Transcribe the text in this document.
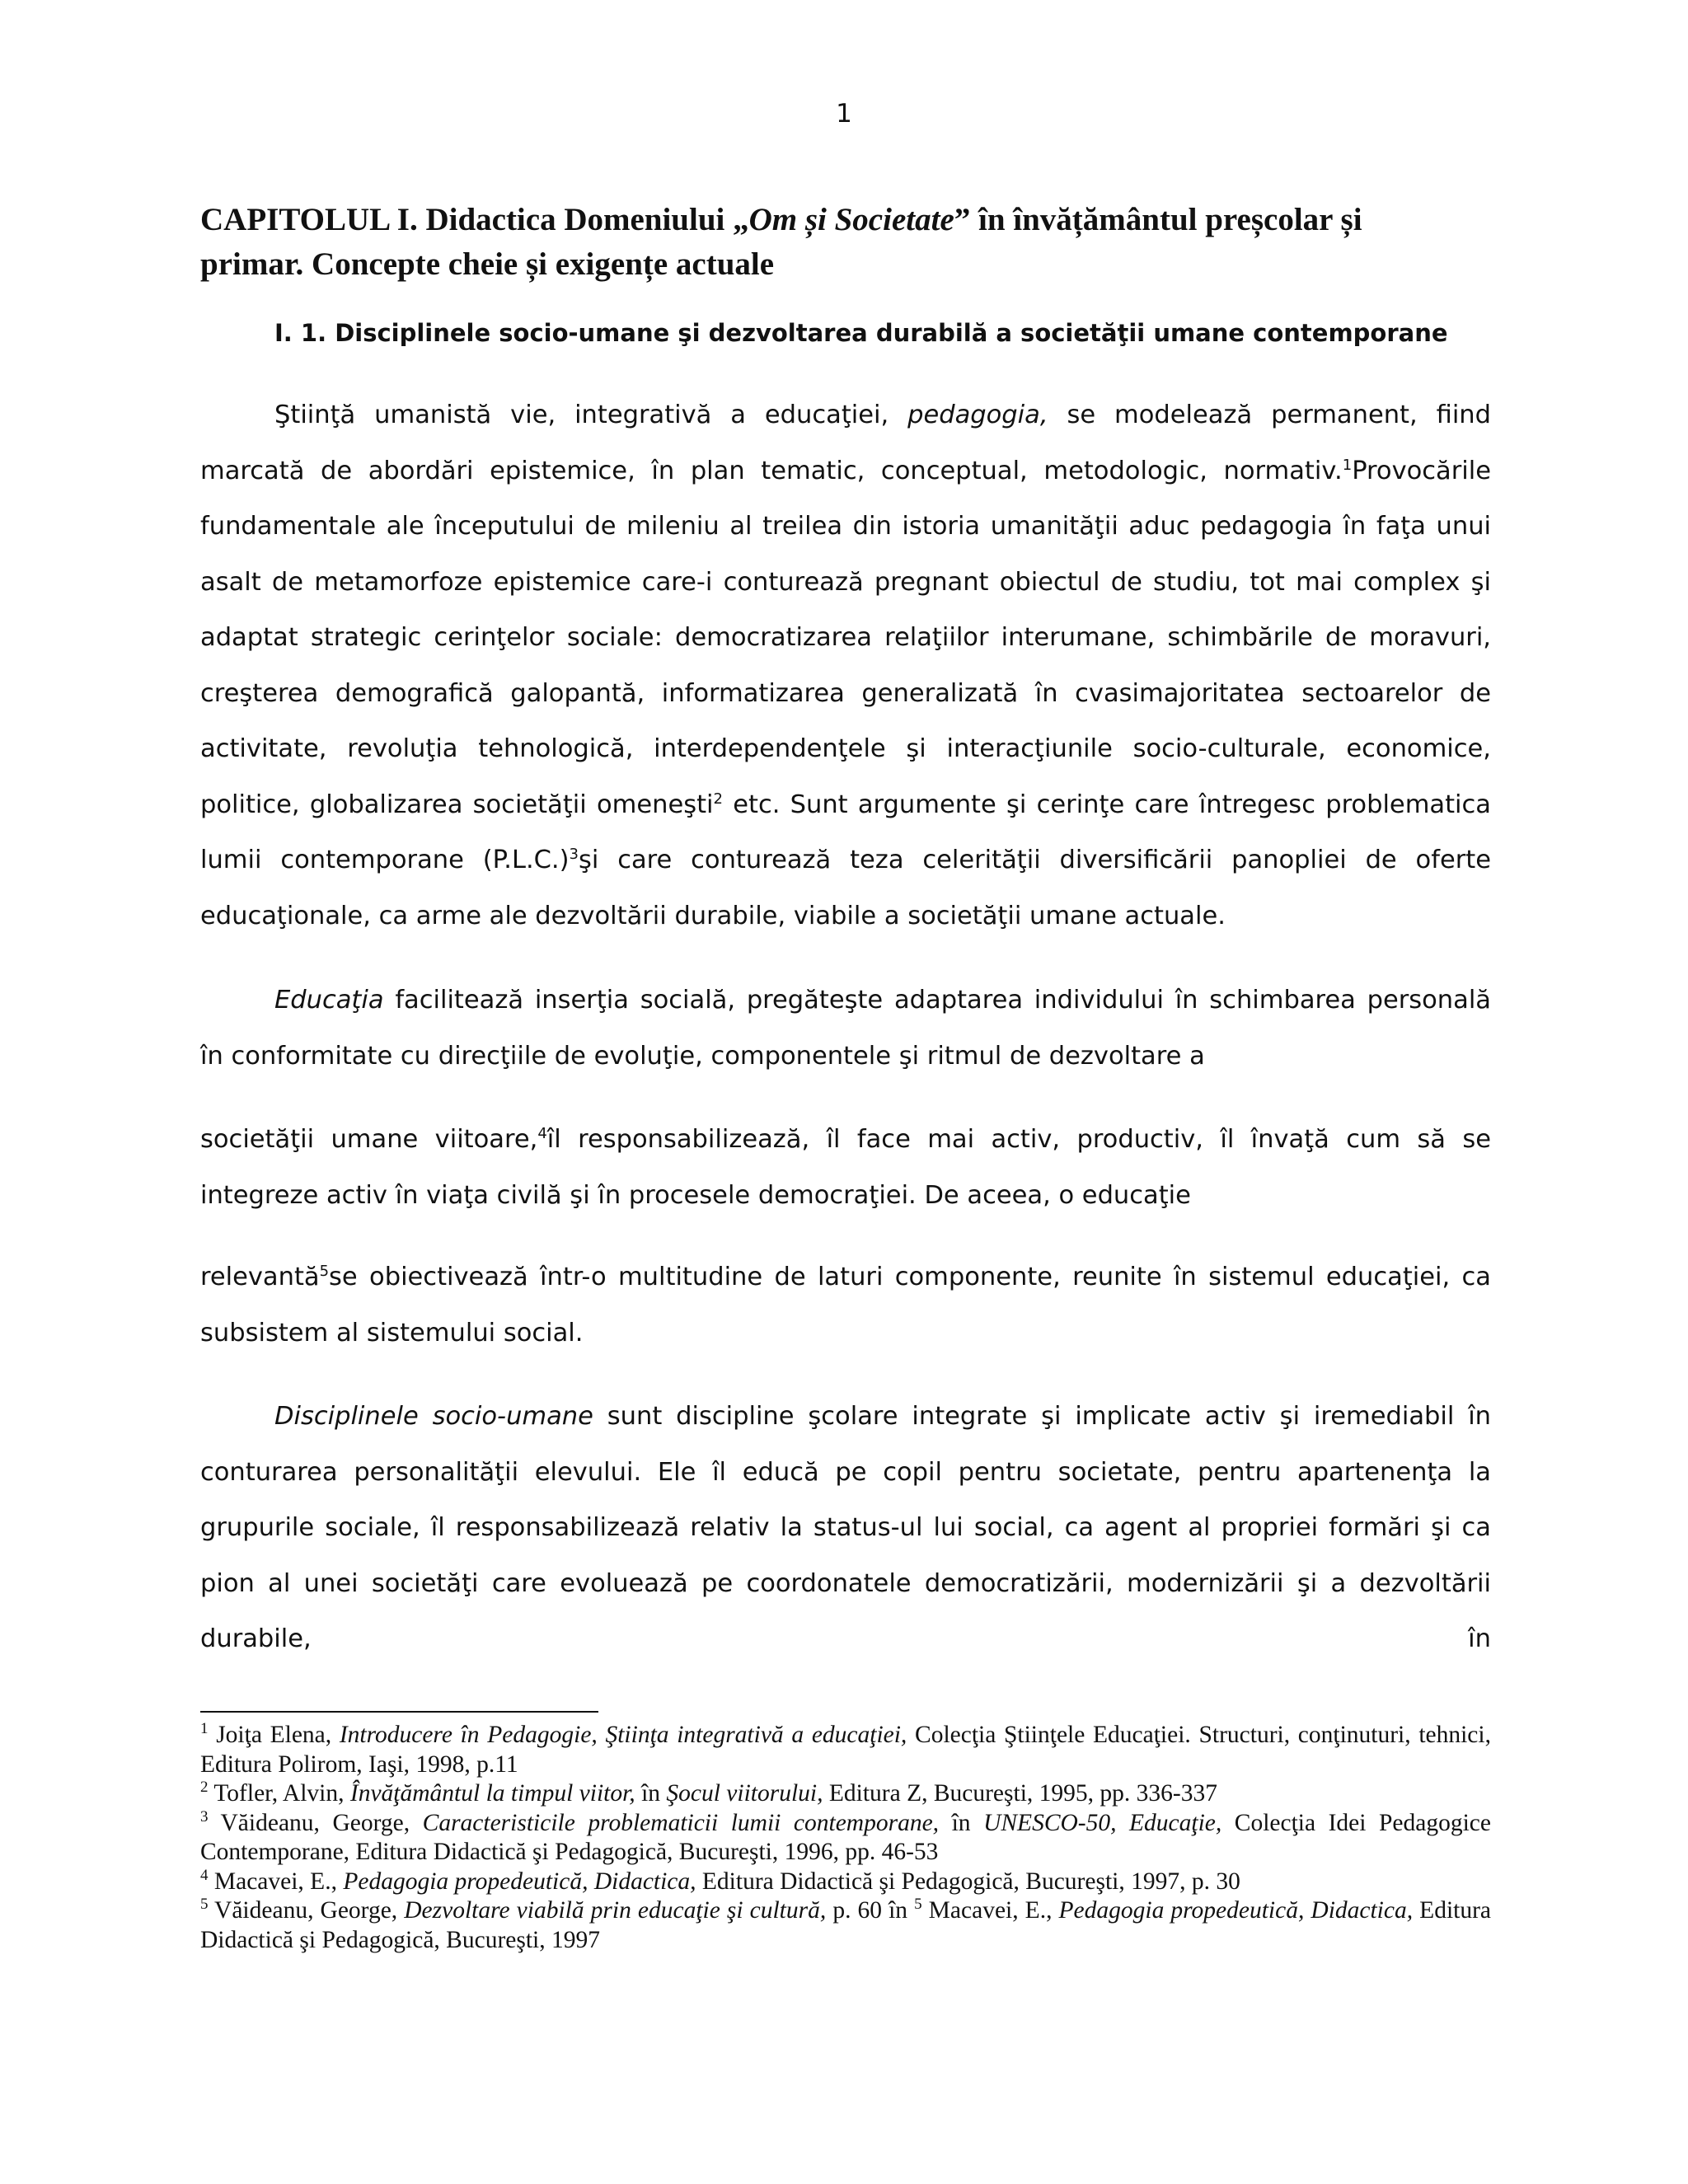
1
CAPITOLUL I. Didactica Domeniului „Om și Societate” în învățământul preșcolar și
primar. Concepte cheie și exigențe actuale
I. 1. Disciplinele socio-umane şi dezvoltarea durabilă a societăţii umane contemporane

Ştiinţă umanistă vie, integrativă a educaţiei, pedagogia, se modelează permanent, fiind marcată de abordări epistemice, în plan tematic, conceptual, metodologic, normativ.$^1$Provocările fundamentale ale începutului de mileniu al treilea din istoria umanităţii aduc pedagogia în faţa unui asalt de metamorfoze epistemice care-i conturează pregnant obiectul de studiu, tot mai complex şi adaptat strategic cerinţelor sociale: democratizarea relaţiilor interumane, schimbările de moravuri, creşterea demografică galopantă, informatizarea generalizată în cvasimajoritatea sectoarelor de activitate, revoluţia tehnologică, interdependenţele şi interacţiunile socio-culturale, economice, politice, globalizarea societăţii omeneşti$^2$ etc. Sunt argumente şi cerinţe care întregesc problematica lumii contemporane $(P.L.C.)^3şi$ care conturează teza celerităţii diversificării panopliei de oferte educaţionale, ca arme ale dezvoltării durabile, viabile a societăţii umane actuale.

Educaţia facilitează inserţia socială, pregăteşte adaptarea individului în schimbarea personală în conformitate cu direcţiile de evoluţie, componentele şi ritmul de dezvoltare a

societăţii umane viitoare,$^4$îl responsabilizează, îl face mai activ, productiv, îl învaţă cum să se integreze activ în viaţa civilă şi în procesele democraţiei. De aceea, o educaţie

relevantă$^5$se obiectivează într-o multitudine de laturi componente, reunite în sistemul educaţiei, ca subsistem al sistemului social.

Disciplinele socio-umane sunt discipline şcolare integrate şi implicate activ şi iremediabil în conturarea personalităţii elevului. Ele îl educă pe copil pentru societate, pentru apartenenţa la grupurile sociale, îl responsabilizează relativ la status-ul lui social, ca agent al propriei formări şi ca pion al unei societăţi care evoluează pe coordonatele democratizării, modernizării şi a dezvoltării durabile, în

$^1$ Joiţa Elena, Introducere în Pedagogie, Ştiinţa integrativă a educaţiei, Colecţia Ştiinţele Educaţiei. Structuri, conţinuturi, tehnici, Editura Polirom, Iaşi, 1998, p.11

$^2$ Tofler, Alvin, Învăţământul la timpul viitor, în Şocul viitorului, Editura Z, Bucureşti, 1995, pp. 336-337

$^3$ Văideanu, George, Caracteristicile problematicii lumii contemporane, în UNESCO-50, Educaţie, Colecţia Idei Pedagogice Contemporane, Editura Didactică şi Pedagogică, Bucureşti, 1996, pp. 46-53

$^4$ Macavei, E., Pedagogia propedeutică, Didactica, Editura Didactică şi Pedagogică, Bucureşti, 1997, p. 30

$^5$ Văideanu, George, Dezvoltare viabilă prin educaţie şi cultură, p. 60 în $^5$ Macavei, E., Pedagogia propedeutică, Didactica, Editura Didactică şi Pedagogică, Bucureşti, 1997
